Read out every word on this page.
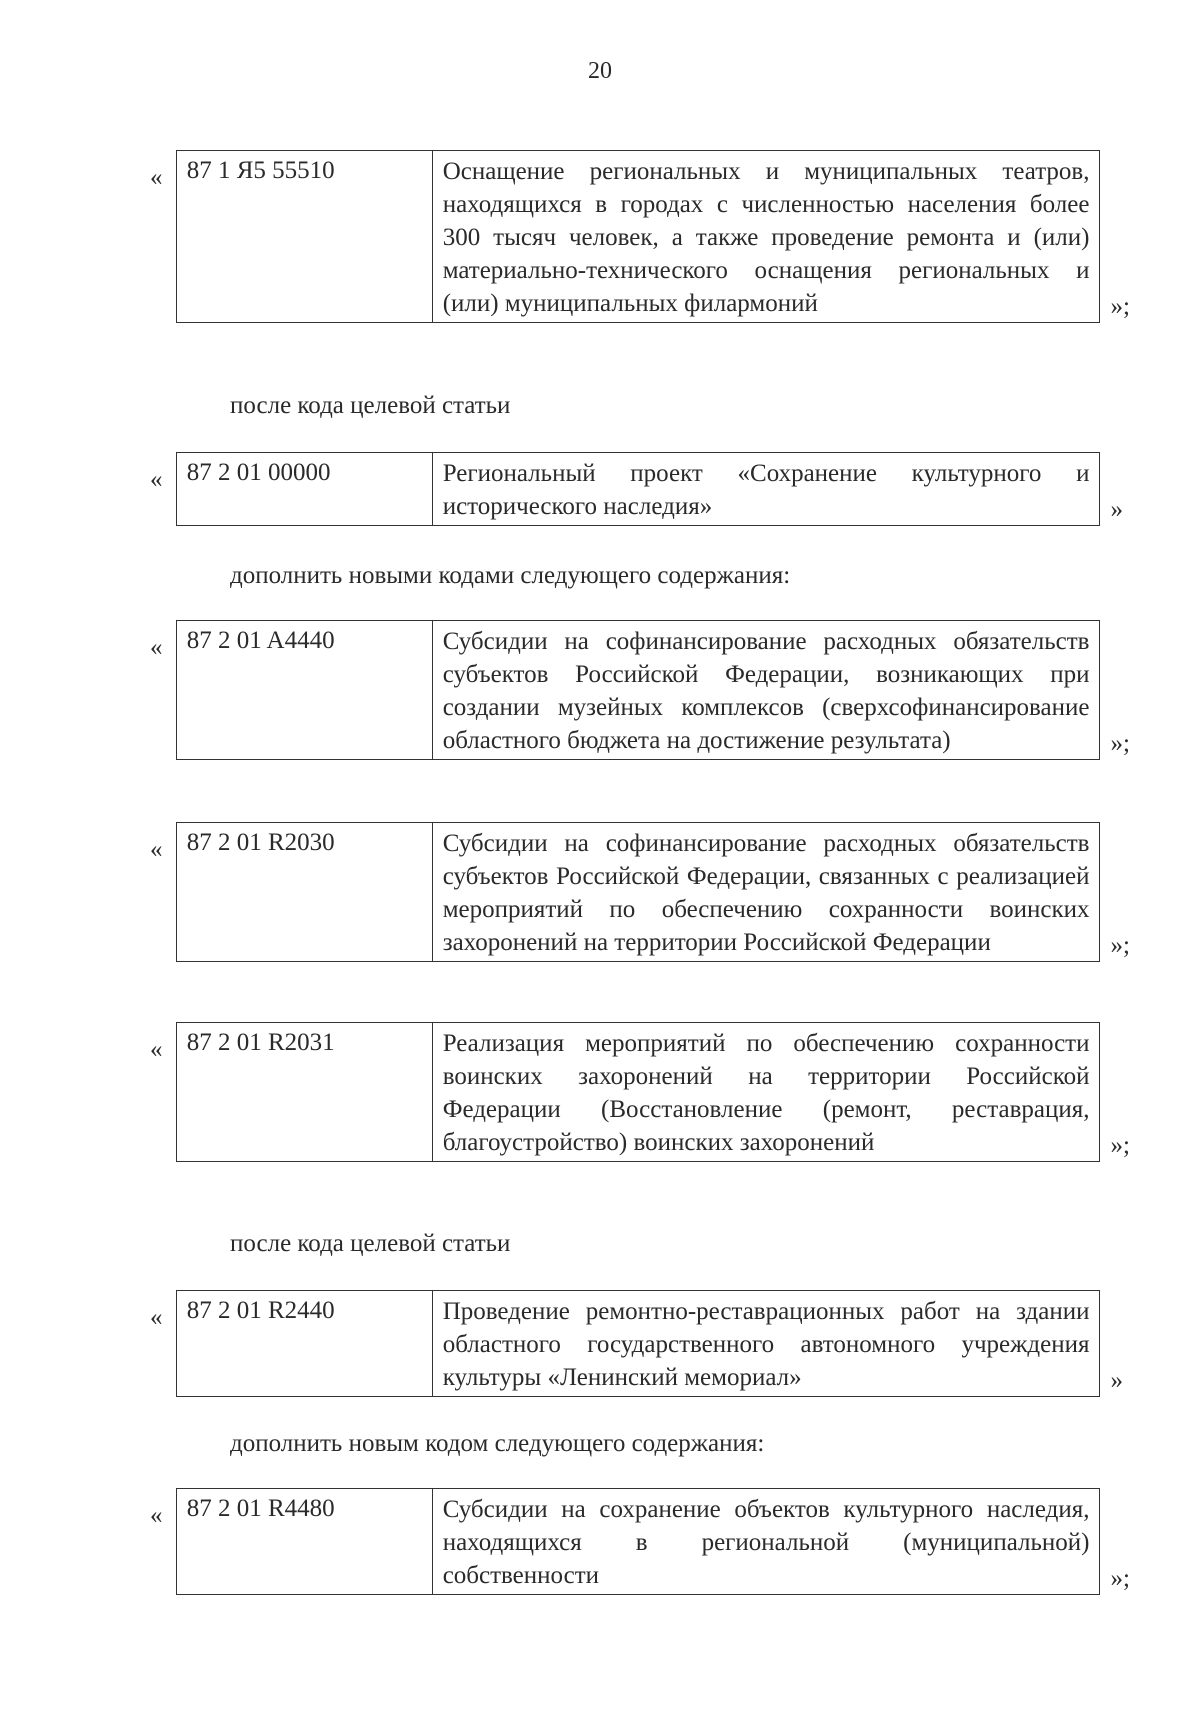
20
« 87 1 Я5 55510	Оснащение региональных и муниципальных театров, находящихся в городах с численностью населения более 300 тысяч человек, а также проведение ремонта и (или) материально-технического оснащения региональных и (или) муниципальных филармоний	»;
после кода целевой статьи
« 87 2 01 00000	Региональный проект «Сохранение культурного и исторического наследия»	»
дополнить новыми кодами следующего содержания:
« 87 2 01 A4440	Субсидии на софинансирование расходных обязательств субъектов Российской Федерации, возникающих при создании музейных комплексов (сверхсофинансирование областного бюджета на достижение результата)	»;
« 87 2 01 R2030	Субсидии на софинансирование расходных обязательств субъектов Российской Федерации, связанных с реализацией мероприятий по обеспечению сохранности воинских захоронений на территории Российской Федерации	»;
« 87 2 01 R2031	Реализация мероприятий по обеспечению сохранности воинских захоронений на территории Российской Федерации (Восстановление (ремонт, реставрация, благоустройство) воинских захоронений	»;
после кода целевой статьи
« 87 2 01 R2440	Проведение ремонтно-реставрационных работ на здании областного государственного автономного учреждения культуры «Ленинский мемориал»	»
дополнить новым кодом следующего содержания:
« 87 2 01 R4480	Субсидии на сохранение объектов культурного наследия, находящихся в региональной (муниципальной) собственности	»;
